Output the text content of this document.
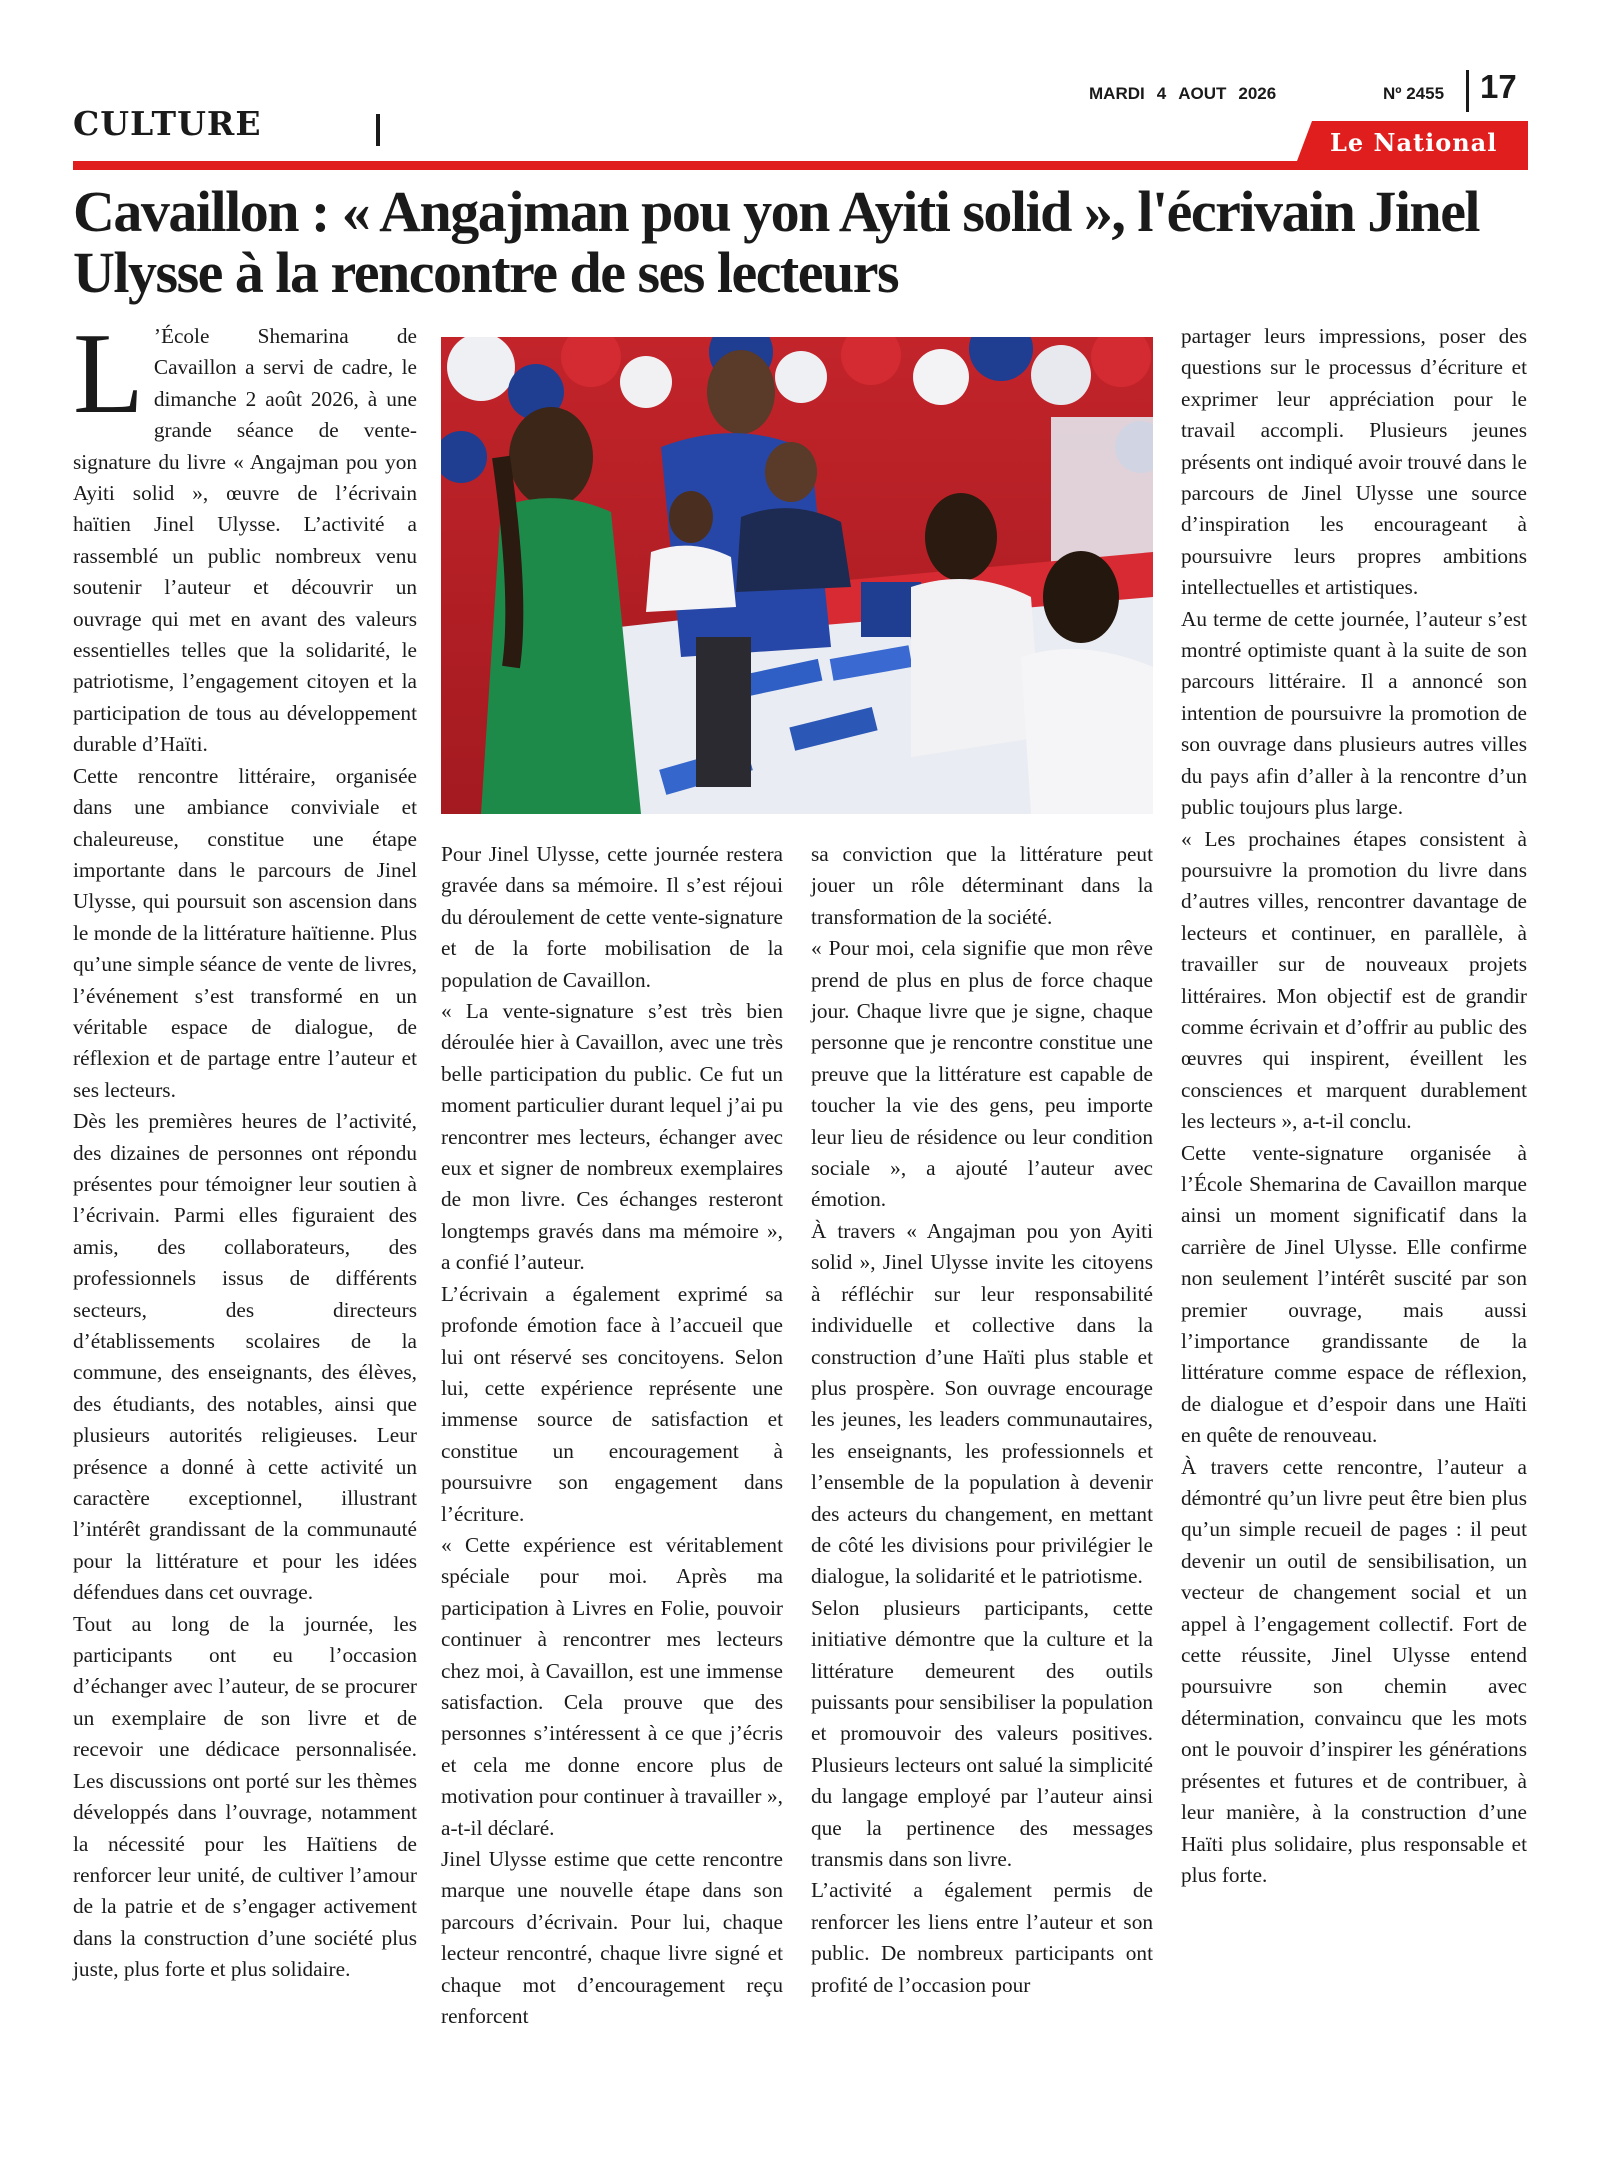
CULTURE
MARDI 4 AOUT 2026	Nº 2455 17
Le National
Cavaillon : « Angajman pou yon Ayiti solid », l'écrivain Jinel Ulysse à la rencontre de ses lecteurs
L ’École Shemarina de Cavaillon a servi de cadre, le dimanche 2 août 2026, à une grande séance de vente-signature du livre « Angajman pou yon Ayiti solid », œuvre de l’écrivain haïtien Jinel Ulysse. L’activité a rassemblé un public nombreux venu soutenir l’auteur et découvrir un ouvrage qui met en avant des valeurs essentielles telles que la solidarité, le patriotisme, l’engagement citoyen et la participation de tous au développement durable d’Haïti.

Cette rencontre littéraire, organisée dans une ambiance conviviale et chaleureuse, constitue une étape importante dans le parcours de Jinel Ulysse, qui poursuit son ascension dans le monde de la littérature haïtienne. Plus qu’une simple séance de vente de livres, l’événement s’est transformé en un véritable espace de dialogue, de réflexion et de partage entre l’auteur et ses lecteurs.

Dès les premières heures de l’activité, des dizaines de personnes ont répondu présentes pour témoigner leur soutien à l’écrivain. Parmi elles figuraient des amis, des collaborateurs, des professionnels issus de différents secteurs, des directeurs d’établissements scolaires de la commune, des enseignants, des élèves, des étudiants, des notables, ainsi que plusieurs autorités religieuses. Leur présence a donné à cette activité un caractère exceptionnel, illustrant l’intérêt grandissant de la communauté pour la littérature et pour les idées défendues dans cet ouvrage.

Tout au long de la journée, les participants ont eu l’occasion d’échanger avec l’auteur, de se procurer un exemplaire de son livre et de recevoir une dédicace personnalisée. Les discussions ont porté sur les thèmes développés dans l’ouvrage, notamment la nécessité pour les Haïtiens de renforcer leur unité, de cultiver l’amour de la patrie et de s’engager activement dans la construction d’une société plus juste, plus forte et plus solidaire.

Pour Jinel Ulysse, cette journée restera gravée dans sa mémoire. Il s’est réjoui du déroulement de cette vente-signature et de la forte mobilisation de la population de Cavaillon.

« La vente-signature s’est très bien déroulée hier à Cavaillon, avec une très belle participation du public. Ce fut un moment particulier durant lequel j’ai pu rencontrer mes lecteurs, échanger avec eux et signer de nombreux exemplaires de mon livre. Ces échanges resteront longtemps gravés dans ma mémoire », a confié l’auteur.

L’écrivain a également exprimé sa profonde émotion face à l’accueil que lui ont réservé ses concitoyens. Selon lui, cette expérience représente une immense source de satisfaction et constitue un encouragement à poursuivre son engagement dans l’écriture.

« Cette expérience est véritablement spéciale pour moi. Après ma participation à Livres en Folie, pouvoir continuer à rencontrer mes lecteurs chez moi, à Cavaillon, est une immense satisfaction. Cela prouve que des personnes s’intéressent à ce que j’écris et cela me donne encore plus de motivation pour continuer à travailler », a-t-il déclaré.

Jinel Ulysse estime que cette rencontre marque une nouvelle étape dans son parcours d’écrivain. Pour lui, chaque lecteur rencontré, chaque livre signé et chaque mot d’encouragement reçu renforcent

sa conviction que la littérature peut jouer un rôle déterminant dans la transformation de la société.

« Pour moi, cela signifie que mon rêve prend de plus en plus de force chaque jour. Chaque livre que je signe, chaque personne que je rencontre constitue une preuve que la littérature est capable de toucher la vie des gens, peu importe leur lieu de résidence ou leur condition sociale », a ajouté l’auteur avec émotion.

À travers « Angajman pou yon Ayiti solid », Jinel Ulysse invite les citoyens à réfléchir sur leur responsabilité individuelle et collective dans la construction d’une Haïti plus stable et plus prospère. Son ouvrage encourage les jeunes, les leaders communautaires, les enseignants, les professionnels et l’ensemble de la population à devenir des acteurs du changement, en mettant de côté les divisions pour privilégier le dialogue, la solidarité et le patriotisme.

Selon plusieurs participants, cette initiative démontre que la culture et la littérature demeurent des outils puissants pour sensibiliser la population et promouvoir des valeurs positives. Plusieurs lecteurs ont salué la simplicité du langage employé par l’auteur ainsi que la pertinence des messages transmis dans son livre.

L’activité a également permis de renforcer les liens entre l’auteur et son public. De nombreux participants ont profité de l’occasion pour

partager leurs impressions, poser des questions sur le processus d’écriture et exprimer leur appréciation pour le travail accompli. Plusieurs jeunes présents ont indiqué avoir trouvé dans le parcours de Jinel Ulysse une source d’inspiration les encourageant à poursuivre leurs propres ambitions intellectuelles et artistiques.

Au terme de cette journée, l’auteur s’est montré optimiste quant à la suite de son parcours littéraire. Il a annoncé son intention de poursuivre la promotion de son ouvrage dans plusieurs autres villes du pays afin d’aller à la rencontre d’un public toujours plus large.

« Les prochaines étapes consistent à poursuivre la promotion du livre dans d’autres villes, rencontrer davantage de lecteurs et continuer, en parallèle, à travailler sur de nouveaux projets littéraires. Mon objectif est de grandir comme écrivain et d’offrir au public des œuvres qui inspirent, éveillent les consciences et marquent durablement les lecteurs », a-t-il conclu.

Cette vente-signature organisée à l’École Shemarina de Cavaillon marque ainsi un moment significatif dans la carrière de Jinel Ulysse. Elle confirme non seulement l’intérêt suscité par son premier ouvrage, mais aussi l’importance grandissante de la littérature comme espace de réflexion, de dialogue et d’espoir dans une Haïti en quête de renouveau.

À travers cette rencontre, l’auteur a démontré qu’un livre peut être bien plus qu’un simple recueil de pages : il peut devenir un outil de sensibilisation, un vecteur de changement social et un appel à l’engagement collectif. Fort de cette réussite, Jinel Ulysse entend poursuivre son chemin avec détermination, convaincu que les mots ont le pouvoir d’inspirer les générations présentes et futures et de contribuer, à leur manière, à la construction d’une Haïti plus solidaire, plus responsable et plus forte.
